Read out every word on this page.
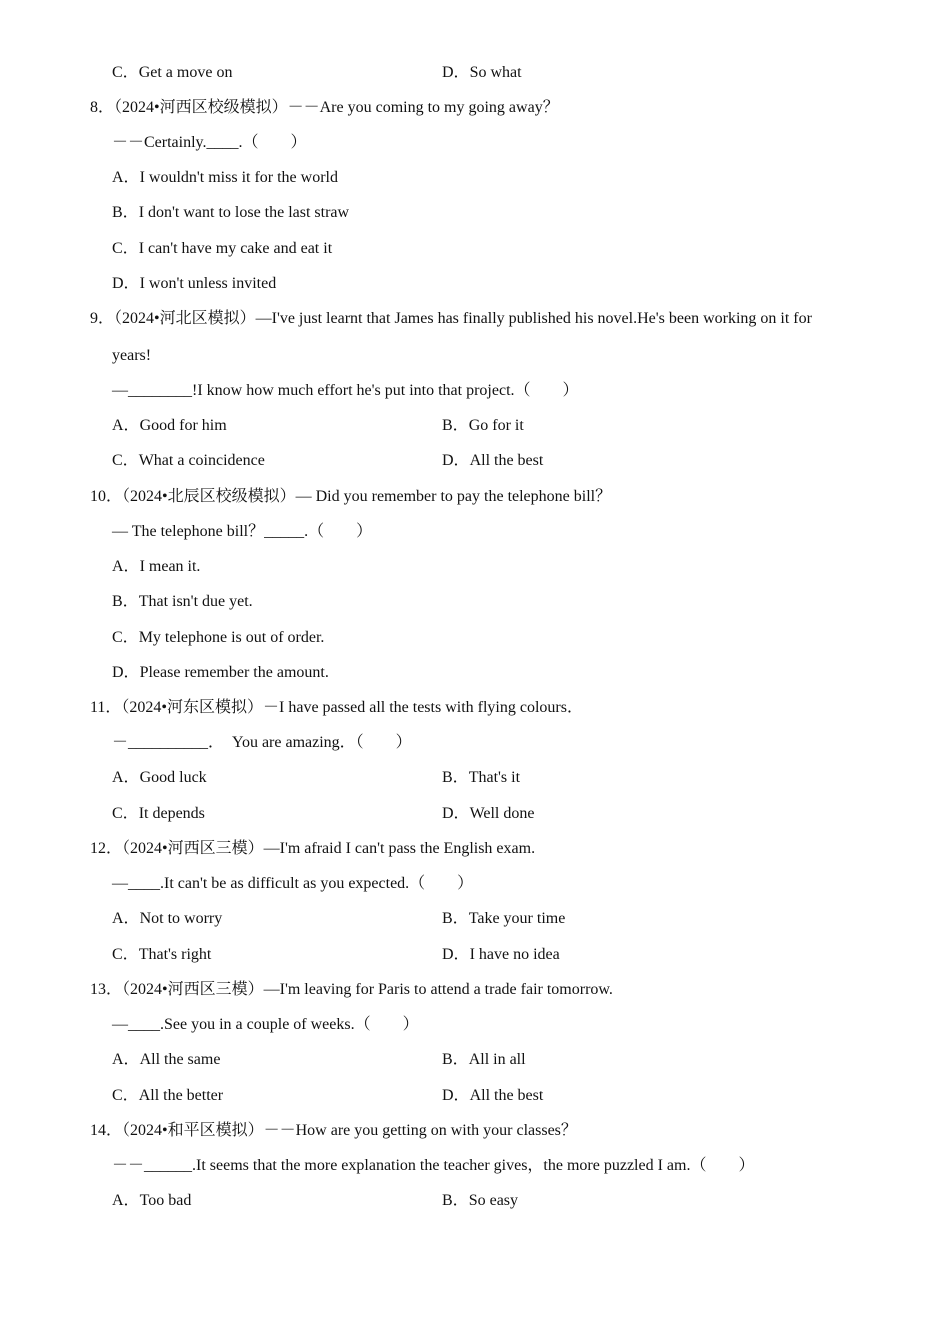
C．Get a move on	D．So what
8．（2024•河西区校级模拟）－－Are you coming to my going away？
－－Certainly.____.（　　）
A．I wouldn't miss it for the world
B．I don't want to lose the last straw
C．I can't have my cake and eat it
D．I won't unless invited
9．（2024•河北区模拟）—I've just learnt that James has finally published his novel.He's been working on it for
years!
—________!I know how much effort he's put into that project.（　　）
A．Good for him	B．Go for it
C．What a coincidence	D．All the best
10．（2024•北辰区校级模拟）— Did you remember to pay the telephone bill？
— The telephone bill？_____.（　　）
A．I mean it.
B．That isn't due yet.
C．My telephone is out of order.
D．Please remember the amount.
11．（2024•河东区模拟）－I have passed all the tests with flying colours．
－__________．　You are amazing．（　　）
A．Good luck	B．That's it
C．It depends	D．Well done
12．（2024•河西区三模）—I'm afraid I can't pass the English exam.
—____.It can't be as difficult as you expected.（　　）
A．Not to worry	B．Take your time
C．That's right	D．I have no idea
13．（2024•河西区三模）—I'm leaving for Paris to attend a trade fair tomorrow.
—____.See you in a couple of weeks.（　　）
A．All the same	B．All in all
C．All the better	D．All the best
14．（2024•和平区模拟）－－How are you getting on with your classes？
－－______.It seems that the more explanation the teacher gives，the more puzzled I am.（　　）
A．Too bad	B．So easy
